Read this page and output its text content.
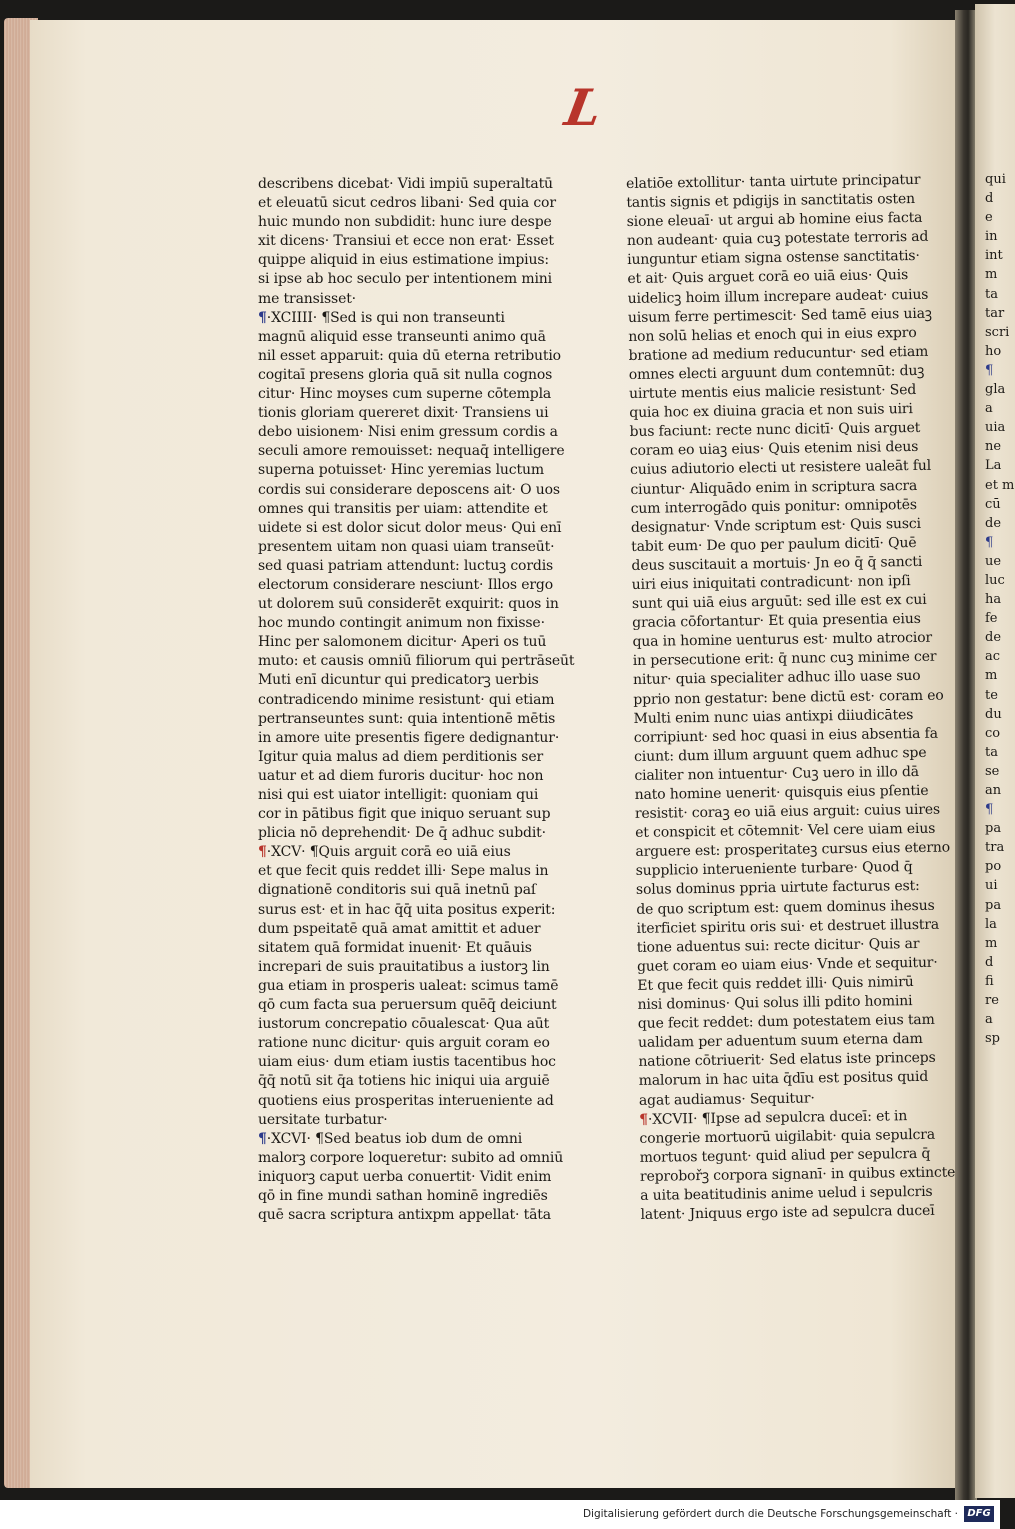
L
describens dicebat· Vidi impiū superaltatū
et eleuatū sicut cedros libani· Sed quia cor
huic mundo non subdidit: hunc iure despe
xit dicens· Transiui et ecce non erat· Esset
quippe aliquid in eius estimatione impius:
si ipse ab hoc seculo per intentionem mini
me transisset·
¶·XCIIII· ¶Sed is qui non transeunti
magnū aliquid esse transeunti animo quā
nil esset apparuit: quia dū eterna retributio
cogitaī presens gloria quā sit nulla cognos
citur· Hinc moyses cum superne cōtempla
tionis gloriam quereret dixit· Transiens ui
debo uisionem· Nisi enim gressum cordis a
seculi amore remouisset: nequaq̄ intelligere
superna potuisset· Hinc yeremias luctum
cordis sui considerare deposcens ait· O uos
omnes qui transitis per uiam: attendite et
uidete si est dolor sicut dolor meus· Qui enī
presentem uitam non quasi uiam transeūt·
sed quasi patriam attendunt: luctuꝫ cordis
electorum considerare nesciunt· Illos ergo
ut dolorem suū considerēt exquirit: quos in
hoc mundo contingit animum non fixisse·
Hinc per salomonem dicitur· Aperi os tuū
muto: et causis omniū filiorum qui pertrāseūt
Muti enī dicuntur qui predicatorꝫ uerbis
contradicendo minime resistunt· qui etiam
pertranseuntes sunt: quia intentionē mētis
in amore uite presentis figere dedignantur·
Igitur quia malus ad diem perditionis ser
uatur et ad diem furoris ducitur· hoc non
nisi qui est uiator intelligit: quoniam qui
cor in pātibus figit que iniquo seruant sup
plicia nō deprehendit· De q̄ adhuc subdit·
¶·XCV· ¶Quis arguit corā eo uiā eius
et que fecit quis reddet illi· Sepe malus in
dignationē conditoris sui quā inetnū paſ
surus est· et in hac q̄q̄ uita positus experit:
dum pspeitatē quā amat amittit et aduer
sitatem quā formidat inuenit· Et quāuis
increpari de suis prauitatibus a iustorꝫ lin
gua etiam in prosperis ualeat: scimus tamē
qō cum facta sua peruersum quēq̄ deiciunt
iustorum concrepatio cōualescat· Qua aūt
ratione nunc dicitur· quis arguit coram eo
uiam eius· dum etiam iustis tacentibus hoc
q̄q̄ notū sit q̄a totiens hic iniqui uia arguiē
quotiens eius prosperitas interueniente ad
uersitate turbatur·
¶·XCVI· ¶Sed beatus iob dum de omni
malorꝫ corpore loqueretur: subito ad omniū
iniquorꝫ caput uerba conuertit· Vidit enim
qō in fine mundi sathan hominē ingrediēs
quē sacra scriptura antixpm appellat· tāta
elatiōe extollitur· tanta uirtute principatur
tantis signis et pdigijs in sanctitatis osten
sione eleuaī· ut argui ab homine eius facta
non audeant· quia cuꝫ potestate terroris ad
iunguntur etiam signa ostense sanctitatis·
et ait· Quis arguet corā eo uiā eius· Quis
uidelicꝫ hoim illum increpare audeat· cuius
uisum ferre pertimescit· Sed tamē eius uiaꝫ
non solū helias et enoch qui in eius expro
bratione ad medium reducuntur· sed etiam
omnes electi arguunt dum contemnūt: duꝫ
uirtute mentis eius malicie resistunt· Sed
quia hoc ex diuina gracia et non suis uiri
bus faciunt: recte nunc dicitī· Quis arguet
coram eo uiaꝫ eius· Quis etenim nisi deus
cuius adiutorio electi ut resistere ualeāt ful
ciuntur· Aliquādo enim in scriptura sacra
cum interrogādo quis ponitur: omnipotēs
designatur· Vnde scriptum est· Quis susci
tabit eum· De quo per paulum dicitī· Quē
deus suscitauit a mortuis· Jn eo q̄ q̄ sancti
uiri eius iniquitati contradicunt· non ipſi
sunt qui uiā eius arguūt: sed ille est ex cui
gracia cōfortantur· Et quia presentia eius
qua in homine uenturus est· multo atrocior
in persecutione erit: q̄ nunc cuꝫ minime cer
nitur· quia specialiter adhuc illo uase suo
pprio non gestatur: bene dictū est· coram eo
Multi enim nunc uias antixpi diiudicātes
corripiunt· sed hoc quasi in eius absentia fa
ciunt: dum illum arguunt quem adhuc spe
cialiter non intuentur· Cuꝫ uero in illo dā
nato homine uenerit· quisquis eius pſentie
resistit· coraꝫ eo uiā eius arguit: cuius uires
et conspicit et cōtemnit· Vel cere uiam eius
arguere est: prosperitateꝫ cursus eius eterno
supplicio interueniente turbare· Quod q̄
solus dominus ppria uirtute facturus est:
de quo scriptum est: quem dominus ihesus
iterficiet spiritu oris sui· et destruet illustra
tione aduentus sui: recte dicitur· Quis ar
guet coram eo uiam eius· Vnde et sequitur·
Et que fecit quis reddet illi· Quis nimirū
nisi dominus· Qui solus illi pdito homini
que fecit reddet: dum potestatem eius tam
ualidam per aduentum suum eterna dam
natione cōtriuerit· Sed elatus iste princeps
malorum in hac uita q̄dīu est positus quid
agat audiamus· Sequitur·
¶·XCVII· ¶Ipse ad sepulcra duceī: et in
congerie mortuorū uigilabit· quia sepulcra
mortuos tegunt· quid aliud per sepulcra q̄
reprobořꝫ corpora signanī· in quibus extincte
a uita beatitudinis anime uelud i sepulcris
latent· Jniquus ergo iste ad sepulcra duceī
qui
d
e
in
int
m
ta
tar
scri
ho
¶
gla
a
uia
ne
La
et m
cū
de
¶
ue
luc
ha
fe
de
ac
m
te
du
co
ta
se
an
¶
pa
tra
po
ui
pa
la
m
d
fi
re
a
sp
Digitalisierung gefördert durch die Deutsche Forschungsgemeinschaft · DFG
